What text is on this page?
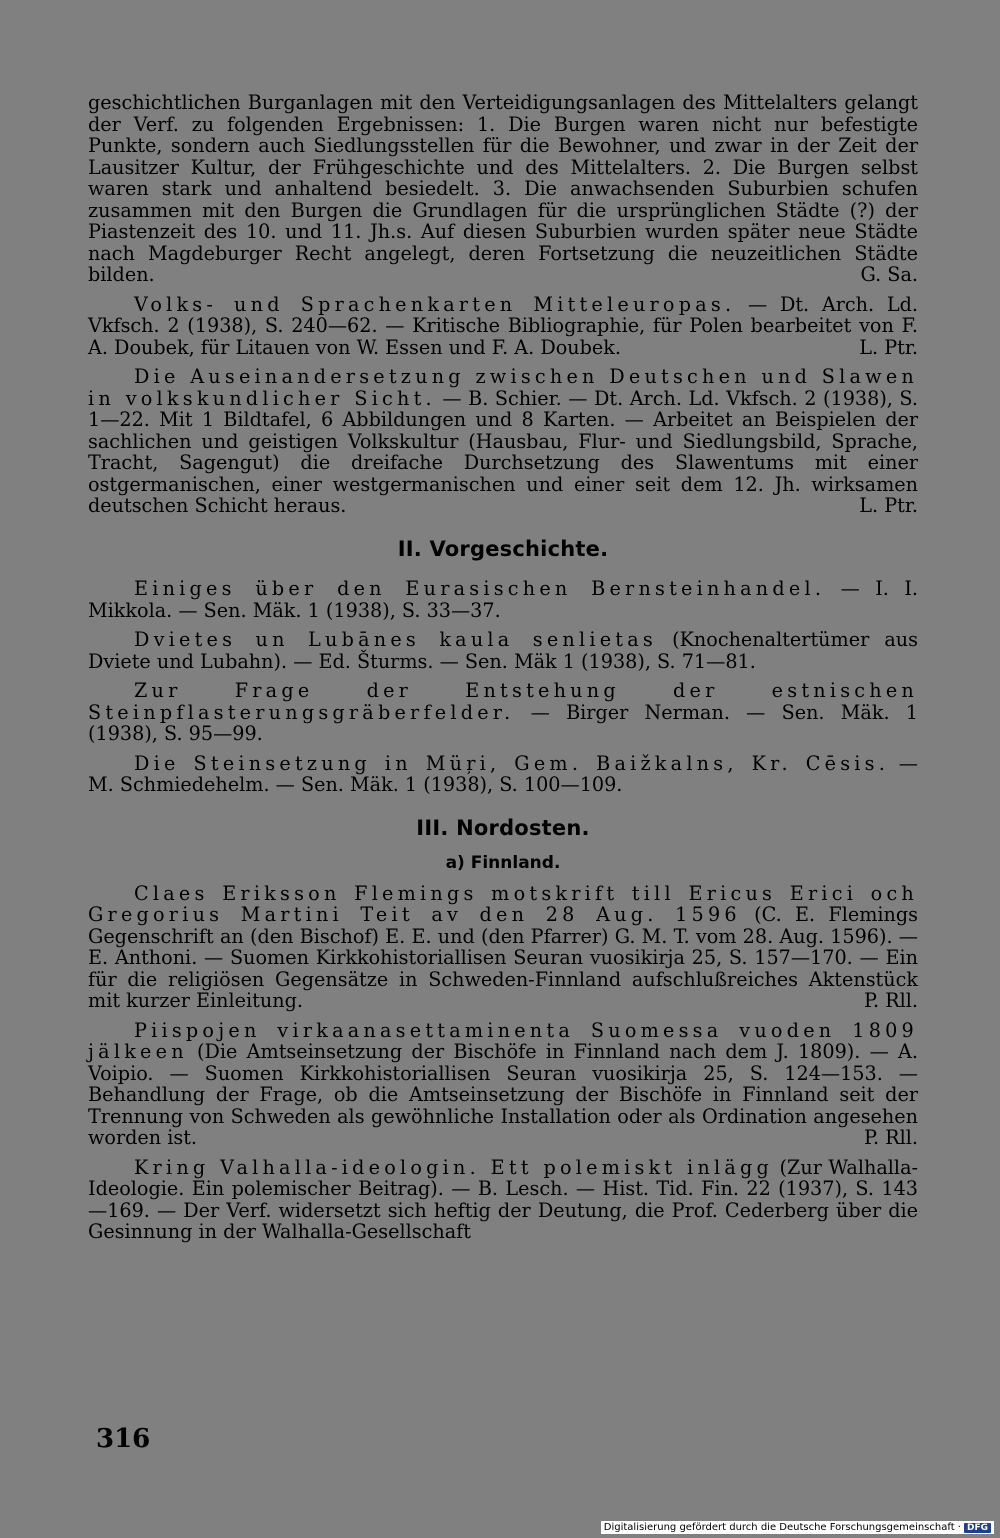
geschichtlichen Burganlagen mit den Verteidigungsanlagen des Mittelalters gelangt der Verf. zu folgenden Ergebnissen: 1. Die Burgen waren nicht nur befestigte Punkte, sondern auch Siedlungsstellen für die Bewohner, und zwar in der Zeit der Lausitzer Kultur, der Frühgeschichte und des Mittelalters. 2. Die Burgen selbst waren stark und anhaltend besiedelt. 3. Die anwachsenden Suburbien schufen zusammen mit den Burgen die Grundlagen für die ursprünglichen Städte (?) der Piastenzeit des 10. und 11. Jh.s. Auf diesen Suburbien wurden später neue Städte nach Magdeburger Recht angelegt, deren Fortsetzung die neuzeitlichen Städte bilden.	G. Sa.

Volks- und Sprachenkarten Mitteleuropas. — Dt. Arch. Ld. Vkfsch. 2 (1938), S. 240—62. — Kritische Bibliographie, für Polen bearbeitet von F. A. Doubek, für Litauen von W. Essen und F. A. Doubek.	L. Ptr.

Die Auseinandersetzung zwischen Deutschen und Slawen in volkskundlicher Sicht. — B. Schier. — Dt. Arch. Ld. Vkfsch. 2 (1938), S. 1—22. Mit 1 Bildtafel, 6 Abbildungen und 8 Karten. — Arbeitet an Beispielen der sachlichen und geistigen Volkskultur (Hausbau, Flur- und Siedlungsbild, Sprache, Tracht, Sagengut) die dreifache Durchsetzung des Slawentums mit einer ostgermanischen, einer westgermanischen und einer seit dem 12. Jh. wirksamen deutschen Schicht heraus.	L. Ptr.

II. Vorgeschichte.

Einiges über den Eurasischen Bernsteinhandel. — I. I. Mikkola. — Sen. Mäk. 1 (1938), S. 33—37.

Dvietes un Lubānes kaula senlietas (Knochenaltertümer aus Dviete und Lubahn). — Ed. Šturms. — Sen. Mäk 1 (1938), S. 71—81.

Zur Frage der Entstehung der estnischen Steinpflasterungsgräberfelder. — Birger Nerman. — Sen. Mäk. 1 (1938), S. 95—99.

Die Steinsetzung in Müŗi, Gem. Baižkalns, Kr. Cēsis. — M. Schmiedehelm. — Sen. Mäk. 1 (1938), S. 100—109.

III. Nordosten.
a) Finnland.

Claes Eriksson Flemings motskrift till Ericus Erici och Gregorius Martini Teit av den 28 Aug. 1596 (C. E. Flemings Gegenschrift an (den Bischof) E. E. und (den Pfarrer) G. M. T. vom 28. Aug. 1596). — E. Anthoni. — Suomen Kirkkohistoriallisen Seuran vuosikirja 25, S. 157—170. — Ein für die religiösen Gegensätze in Schweden-Finnland aufschlußreiches Aktenstück mit kurzer Einleitung.	P. Rll.

Piispojen virkaanasettaminenta Suomessa vuoden 1809 jälkeen (Die Amtseinsetzung der Bischöfe in Finnland nach dem J. 1809). — A. Voipio. — Suomen Kirkkohistoriallisen Seuran vuosikirja 25, S. 124—153. — Behandlung der Frage, ob die Amtseinsetzung der Bischöfe in Finnland seit der Trennung von Schweden als gewöhnliche Installation oder als Ordination angesehen worden ist.	P. Rll.

Kring Valhalla-ideologin. Ett polemiskt inlägg (Zur Walhalla-Ideologie. Ein polemischer Beitrag). — B. Lesch. — Hist. Tid. Fin. 22 (1937), S. 143—169. — Der Verf. widersetzt sich heftig der Deutung, die Prof. Cederberg über die Gesinnung in der Walhalla-Gesellschaft

316
Digitalisierung gefördert durch die Deutsche Forschungsgemeinschaft · DFG
